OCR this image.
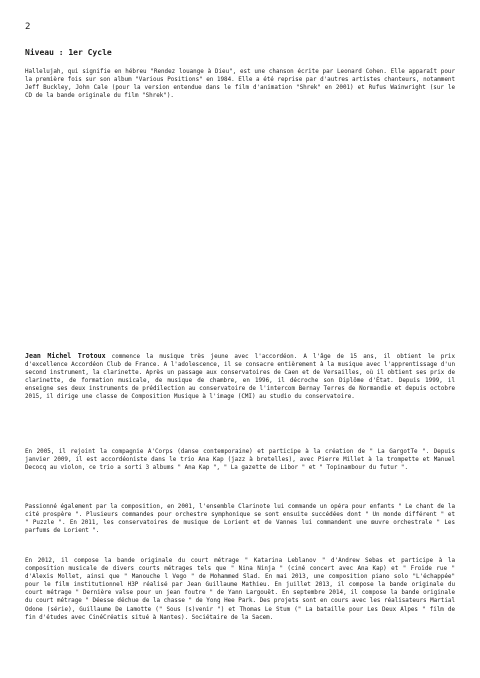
2
Niveau : 1er Cycle

Hallelujah, qui signifie en hébreu "Rendez louange à Dieu", est une chanson écrite par Leonard Cohen. Elle apparaît pour la première fois sur son album "Various Positions" en 1984. Elle a été reprise par d'autres artistes chanteurs, notamment Jeff Buckley, John Cale (pour la version entendue dans le film d'animation "Shrek" en 2001) et Rufus Wainwright (sur le CD de la bande originale du film "Shrek").

Jean Michel Trotoux commence la musique très jeune avec l'accordéon. A l'âge de 15 ans, il obtient le prix d'excellence Accordéon Club de France. A l'adolescence, il se consacre entièrement à la musique avec l'apprentissage d'un second instrument, la clarinette. Après un passage aux conservatoires de Caen et de Versailles, où il obtient ses prix de clarinette, de formation musicale, de musique de chambre, en 1996, il décroche son Diplôme d'État. Depuis 1999, il enseigne ses deux instruments de prédilection au conservatoire de l'intercom Bernay Terres de Normandie et depuis octobre 2015, il dirige une classe de Composition Musique à l'image (CMI) au studio du conservatoire.

En 2005, il rejoint la compagnie A'Corps (danse contemporaine) et participe à la création de " La GargotTe ". Depuis janvier 2009, il est accordéoniste dans le trio Ana Kap (jazz à bretelles), avec Pierre Millet à la trompette et Manuel Decocq au violon, ce trio a sorti 3 albums " Ana Kap ", " La gazette de Libor " et " Topinambour du futur ".

Passionné également par la composition, en 2001, l'ensemble Clarinote lui commande un opéra pour enfants " Le chant de la cité prospère ". Plusieurs commandes pour orchestre symphonique se sont ensuite succédées dont " Un monde différent " et " Puzzle ". En 2011, les conservatoires de musique de Lorient et de Vannes lui commandent une œuvre orchestrale " Les parfums de Lorient ".

En 2012, il compose la bande originale du court métrage " Katarina Leblanov " d'Andrew Sebas et participe à la composition musicale de divers courts métrages tels que " Nina Ninja " (ciné concert avec Ana Kap) et " Froide rue " d'Alexis Mollet, ainsi que " Manouche l Vego " de Mohammed Slad. En mai 2013, une composition piano solo "L'échappée" pour le film institutionnel H3P réalisé par Jean Guillaume Mathieu. En juillet 2013, il compose la bande originale du court métrage " Dernière valse pour un jean foutre " de Yann Largouët. En septembre 2014, il compose la bande originale du court métrage " Déesse déchue de la chasse " de Yong Hee Park. Des projets sont en cours avec les réalisateurs Martial Odone (série), Guillaume De Lamotte (" Sous (s)venir ") et Thomas Le Stum (" La bataille pour Les Deux Alpes " film de fin d'études avec CinéCréatis situé à Nantes). Sociétaire de la Sacem.
